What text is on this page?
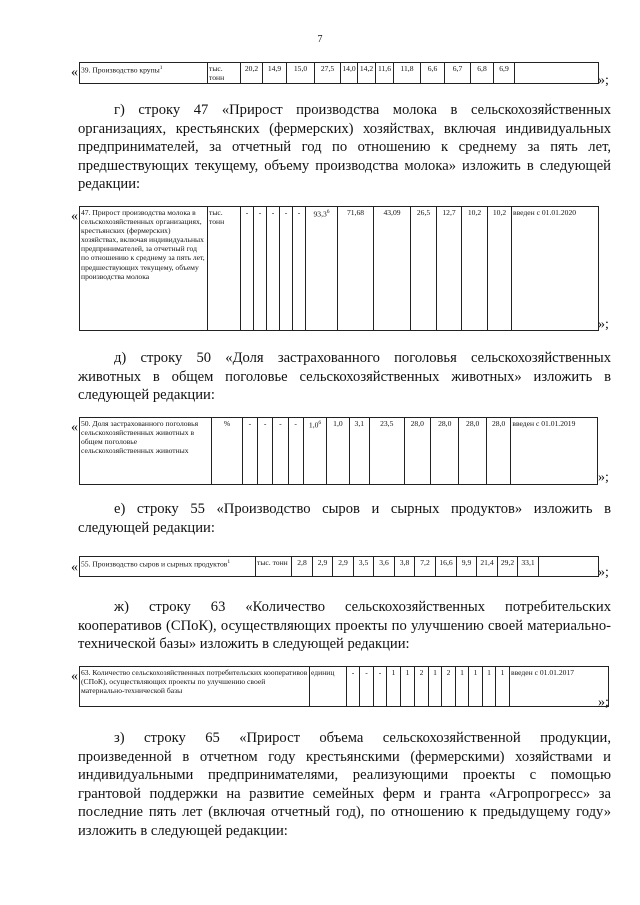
7
« 39. Производство крупы$^1$	тыс. тонн	20,2	14,9	15,0	27,5	14,0	14,2	11,6	11,8	6,6	6,7	6,8	6,9	
»;

г) строку 47 «Прирост производства молока в сельскохозяйственных организациях, крестьянских (фермерских) хозяйствах, включая индивидуальных предпринимателей, за отчетный год по отношению к среднему за пять лет, предшествующих текущему, объему производства молока» изложить в следующей редакции:

« 47. Прирост производства молока в сельскохозяйственных организациях, крестьянских (фермерских) хозяйствах, включая индивидуальных предпринимателей, за отчетный год по отношению к среднему за пять лет, предшествующих текущему, объему производства молока	тыс. тонн	-	-	-	-	-	93,3$^6$	71,68	43,09	26,5	12,7	10,2	10,2	введен с 01.01.2020
»;

д) строку 50 «Доля застрахованного поголовья сельскохозяйственных животных в общем поголовье сельскохозяйственных животных» изложить в следующей редакции:

« 50. Доля застрахованного поголовья сельскохозяйственных животных в общем поголовье сельскохозяйственных животных	%	-	-	-	-	$1,0^6$	1,0	3,1	23,5	28,0	28,0	28,0	28,0	введен с 01.01.2019
»;

е) строку 55 «Производство сыров и сырных продуктов» изложить в следующей редакции:

« 55. Производство сыров и сырных продуктов$^1$	тыс. тонн	2,8	2,9	2,9	3,5	3,6	3,8	7,2	16,6	9,9	21,4	29,2	33,1	
»;

ж) строку 63 «Количество сельскохозяйственных потребительских кооперативов (СПоК), осуществляющих проекты по улучшению своей материально-технической базы» изложить в следующей редакции:

« 63. Количество сельскохозяйственных потребительских кооперативов (СПоК), осуществляющих проекты по улучшению своей материально-технической базы	единиц	-	-	-	1	1	2	1	2	1	1	1	1	введен с 01.01.2017
»;

з) строку 65 «Прирост объема сельскохозяйственной продукции, произведенной в отчетном году крестьянскими (фермерскими) хозяйствами и индивидуальными предпринимателями, реализующими проекты с помощью грантовой поддержки на развитие семейных ферм и гранта «Агропрогресс» за последние пять лет (включая отчетный год), по отношению к предыдущему году» изложить в следующей редакции:
